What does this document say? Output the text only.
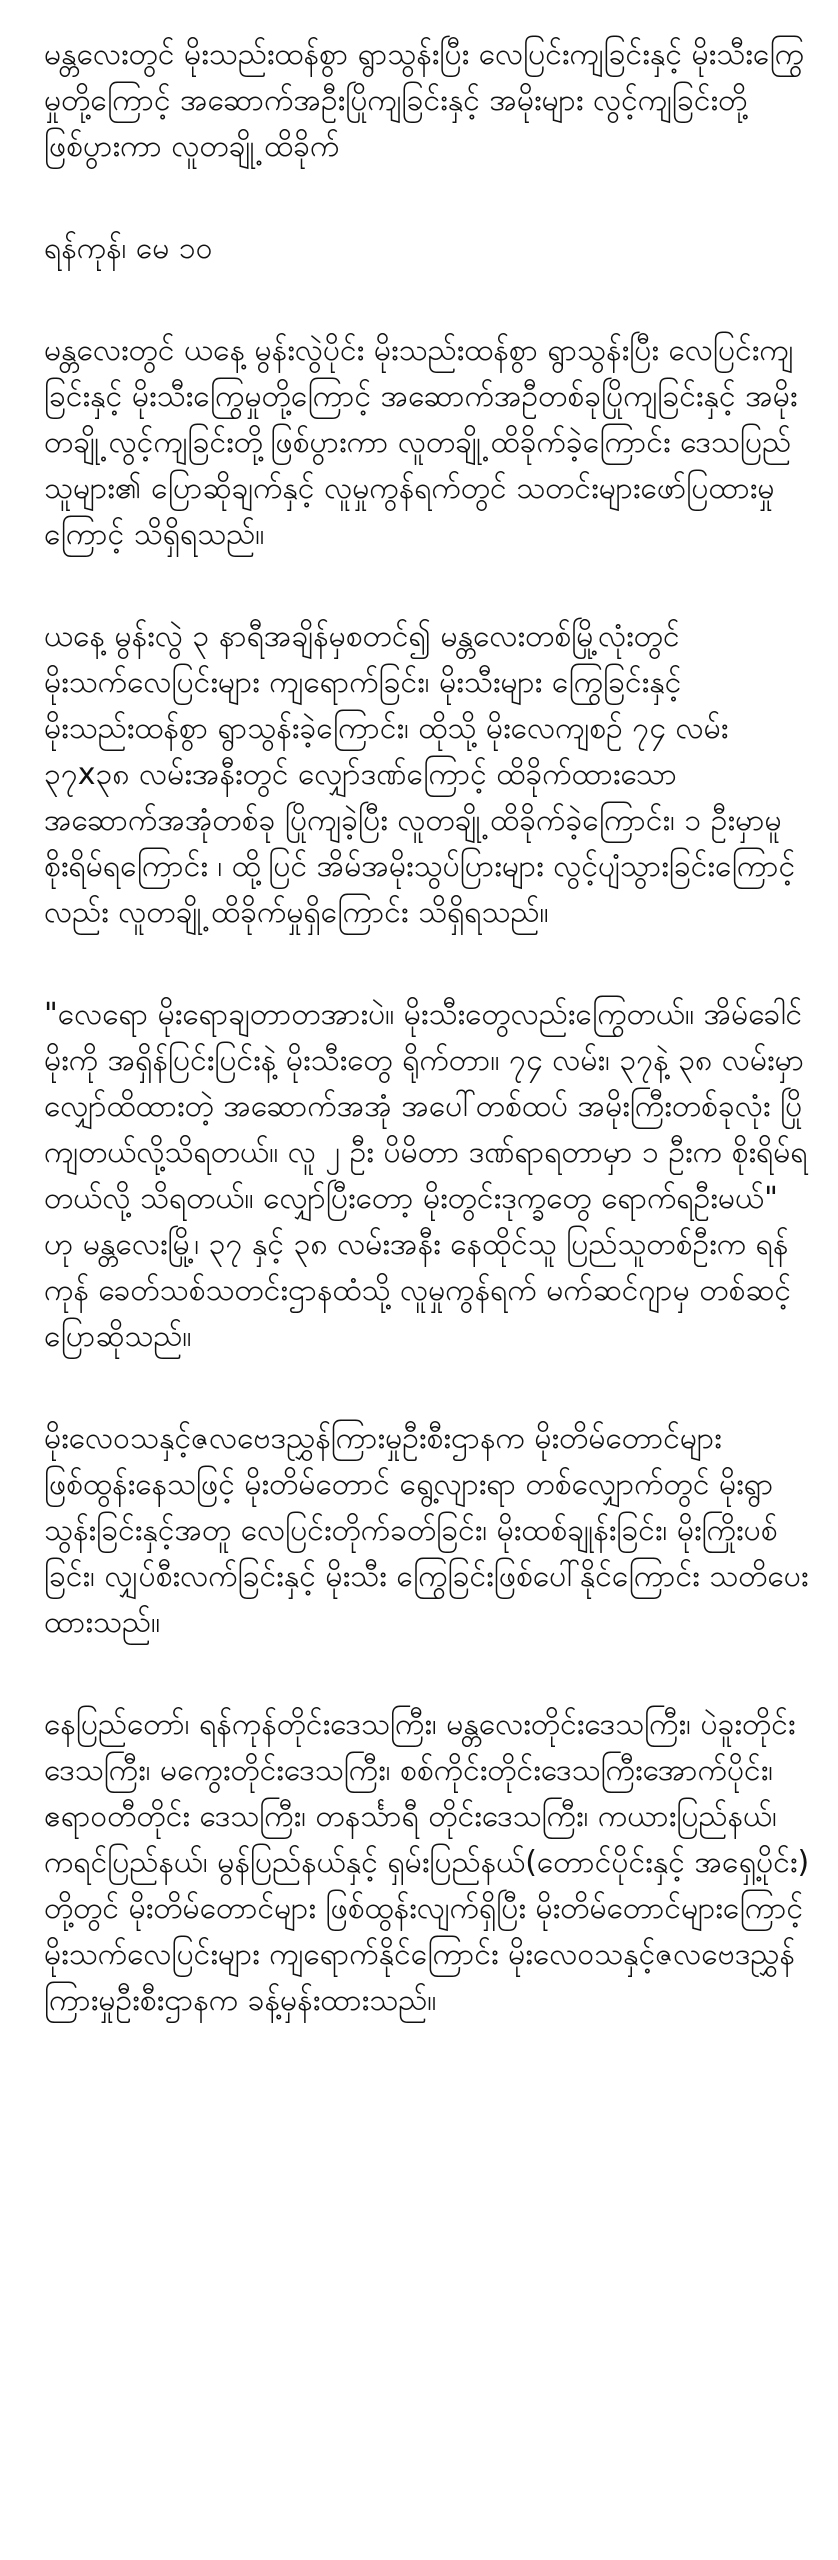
မန္တလေးတွင် မိုးသည်းထန်စွာ ရွာသွန်းပြီး လေပြင်းကျခြင်းနှင့် မိုးသီးကြွေမှုတို့ကြောင့် အဆောက်အဦးပြိုကျခြင်းနှင့် အမိုးများ လွင့်ကျခြင်းတို့ဖြစ်ပွားကာ လူတချို့ ထိခိုက်

ရန်ကုန်၊ မေ ၁၀

မန္တလေးတွင် ယနေ့ မွန်းလွဲပိုင်း မိုးသည်းထန်စွာ ရွာသွန်းပြီး လေပြင်းကျခြင်းနှင့် မိုးသီးကြွေမှုတို့ကြောင့် အဆောက်အဦတစ်ခုပြိုကျခြင်းနှင့် အမိုးတချို့ လွင့်ကျခြင်းတို့ဖြစ်ပွားကာ လူတချို့ ထိခိုက်ခဲ့ကြောင်း ဒေသပြည်သူများ၏ ပြောဆိုချက်နှင့် လူမှုကွန်ရက်တွင် သတင်းများဖော်ပြထားမှုကြောင့် သိရှိရသည်။

ယနေ့ မွန်းလွဲ ၃ နာရီအချိန်မှစတင်၍ မန္တလေးတစ်မြို့လုံးတွင် မိုးသက်လေပြင်းများ ကျရောက်ခြင်း၊ မိုးသီးများ ကြွေခြင်းနှင့် မိုးသည်းထန်စွာ ရွာသွန်းခဲ့ကြောင်း၊ ထိုသို့ မိုးလေကျစဉ် ၇၄ လမ်း ၃၇x၃၈ လမ်းအနီးတွင် လျှော်ဒဏ်ကြောင့် ထိခိုက်ထားသော အဆောက်အအုံတစ်ခု ပြိုကျခဲ့ပြီး လူတချို့ ထိခိုက်ခဲ့ကြောင်း၊ ၁ ဦးမှာမူ စိုးရိမ်ရကြောင်း ၊ ထို့ပြင် အိမ်အမိုးသွပ်ပြားများ လွင့်ပျံသွားခြင်းကြောင့်လည်း လူတချို့ ထိခိုက်မှုရှိကြောင်း သိရှိရသည်။

"လေရော မိုးရောချတာတအားပဲ။ မိုးသီးတွေလည်းကြွေတယ်။ အိမ်ခေါင်မိုးကို အရှိန်ပြင်းပြင်းနဲ့ မိုးသီးတွေ ရိုက်တာ။ ၇၄ လမ်း၊ ၃၇နဲ့ ၃၈ လမ်းမှာ လျှော်ထိထားတဲ့ အဆောက်အအုံ အပေါ်တစ်ထပ် အမိုးကြီးတစ်ခုလုံး ပြိုကျတယ်လို့သိရတယ်။ လူ ၂ ဦး ပိမိတာ ဒဏ်ရာရတာမှာ ၁ ဦးက စိုးရိမ်ရတယ်လို့ သိရတယ်။ လျှော်ပြီးတော့ မိုးတွင်းဒုက္ခတွေ ရောက်ရဦးမယ်" ဟု မန္တလေးမြို့၊ ၃၇ နှင့် ၃၈ လမ်းအနီး နေထိုင်သူ ပြည်သူတစ်ဦးက ရန်ကုန် ခေတ်သစ်သတင်းဌာနထံသို့ လူမှုကွန်ရက် မက်ဆင်ဂျာမှ တစ်ဆင့်ပြောဆိုသည်။

မိုးလေဝသနှင့်ဇလဗေဒညွှန်ကြားမှုဦးစီးဌာနက မိုးတိမ်တောင်များဖြစ်ထွန်းနေသဖြင့် မိုးတိမ်တောင် ရွေ့လျားရာ တစ်လျှောက်တွင် မိုးရွာသွန်းခြင်းနှင့်အတူ လေပြင်းတိုက်ခတ်ခြင်း၊ မိုးထစ်ချုန်းခြင်း၊ မိုးကြိုးပစ်ခြင်း၊ လျှပ်စီးလက်ခြင်းနှင့် မိုးသီး ကြွေခြင်းဖြစ်ပေါ်နိုင်ကြောင်း သတိပေးထားသည်။

နေပြည်တော်၊ ရန်ကုန်တိုင်းဒေသကြီး၊ မန္တလေးတိုင်းဒေသကြီး၊ ပဲခူးတိုင်း ဒေသကြီး၊ မကွေးတိုင်းဒေသကြီး၊ စစ်ကိုင်းတိုင်းဒေသကြီးအောက်ပိုင်း၊ ဧရာဝတီတိုင်း ဒေသကြီး၊ တနင်္သာရီ တိုင်းဒေသကြီး၊ ကယားပြည်နယ်၊ ကရင်ပြည်နယ်၊ မွန်ပြည်နယ်နှင့် ရှမ်းပြည်နယ်(တောင်ပိုင်းနှင့် အရှေ့ပိုင်း) တို့တွင် မိုးတိမ်တောင်များ ဖြစ်ထွန်းလျက်ရှိပြီး မိုးတိမ်တောင်များကြောင့် မိုးသက်လေပြင်းများ ကျရောက်နိုင်ကြောင်း မိုးလေဝသနှင့်ဇလဗေဒညွှန်ကြားမှုဦးစီးဌာနက ခန့်မှန်းထားသည်။
